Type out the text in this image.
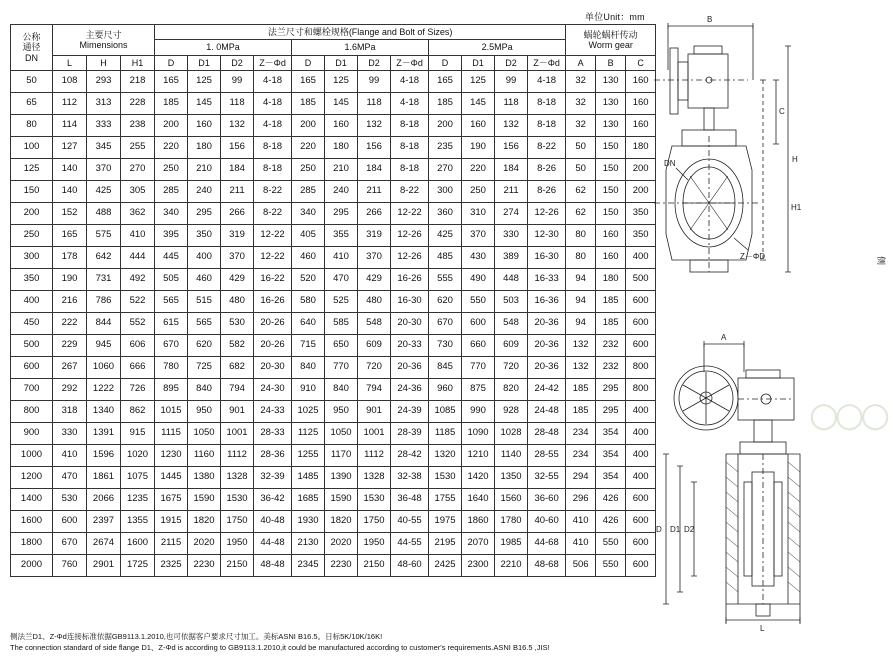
单位Unit：mm
公称
通径
DN

主要尺寸
Mimensions
	法兰尺寸和螺栓规格(Flange and Bolt of Sizes)	蜗轮蜗杆传动
Worm gear

				1. 0MPa				1.6MPa				2.5MPa						
	L	H	H1	D	D1	D2	Z－Φd	D	D1	D2	Z－Φd	D	D1	D2	Z－Φd	A	B	C
50	108	293	218	165	125	99	4-18	165	125	99	4-18	165	125	99	4-18	32	130	160
65	112	313	228	185	145	118	4-18	185	145	118	4-18	185	145	118	8-18	32	130	160
80	114	333	238	200	160	132	4-18	200	160	132	8-18	200	160	132	8-18	32	130	160
100	127	345	255	220	180	156	8-18	220	180	156	8-18	235	190	156	8-22	50	150	180
125	140	370	270	250	210	184	8-18	250	210	184	8-18	270	220	184	8-26	50	150	200
150	140	425	305	285	240	211	8-22	285	240	211	8-22	300	250	211	8-26	62	150	200
200	152	488	362	340	295	266	8-22	340	295	266	12-22	360	310	274	12-26	62	150	350
250	165	575	410	395	350	319	12-22	405	355	319	12-26	425	370	330	12-30	80	160	350
300	178	642	444	445	400	370	12-22	460	410	370	12-26	485	430	389	16-30	80	160	400
350	190	731	492	505	460	429	16-22	520	470	429	16-26	555	490	448	16-33	94	180	500
400	216	786	522	565	515	480	16-26	580	525	480	16-30	620	550	503	16-36	94	185	600
450	222	844	552	615	565	530	20-26	640	585	548	20-30	670	600	548	20-36	94	185	600
500	229	945	606	670	620	582	20-26	715	650	609	20-33	730	660	609	20-36	132	232	600
600	267	1060	666	780	725	682	20-30	840	770	720	20-36	845	770	720	20-36	132	232	800
700	292	1222	726	895	840	794	24-30	910	840	794	24-36	960	875	820	24-42	185	295	800
800	318	1340	862	1015	950	901	24-33	1025	950	901	24-39	1085	990	928	24-48	185	295	400
900	330	1391	915	1115	1050	1001	28-33	1125	1050	1001	28-39	1185	1090	1028	28-48	234	354	400
1000	410	1596	1020	1230	1160	1112	28-36	1255	1170	1112	28-42	1320	1210	1140	28-55	234	354	400
1200	470	1861	1075	1445	1380	1328	32-39	1485	1390	1328	32-38	1530	1420	1350	32-55	294	354	400
1400	530	2066	1235	1675	1590	1530	36-42	1685	1590	1530	36-48	1755	1640	1560	36-60	296	426	600
1600	600	2397	1355	1915	1820	1750	40-48	1930	1820	1750	40-55	1975	1860	1780	40-60	410	426	600
1800	670	2674	1600	2115	2020	1950	44-48	2130	2020	1950	44-55	2195	2070	1985	44-68	410	550	600
2000	760	2901	1725	2325	2230	2150	48-48	2345	2230	2150	48-60	2425	2300	2210	48-68	506	550	600
侧法兰D1、Z-Φd连接标准依据GB9113.1.2010,也可依据客户要求尺寸加工。美标ASNI B16.5。日标5K/10K/16K!
The connection standard of side flange D1、Z-Φd is according to GB9113.1.2010,it could be manufactured according to customer's requirements.ASNI B16.5 ,JIS!
B
C
H
H1
DN
Z－ΦD
A
D D1 D2
L
侧
○○○
